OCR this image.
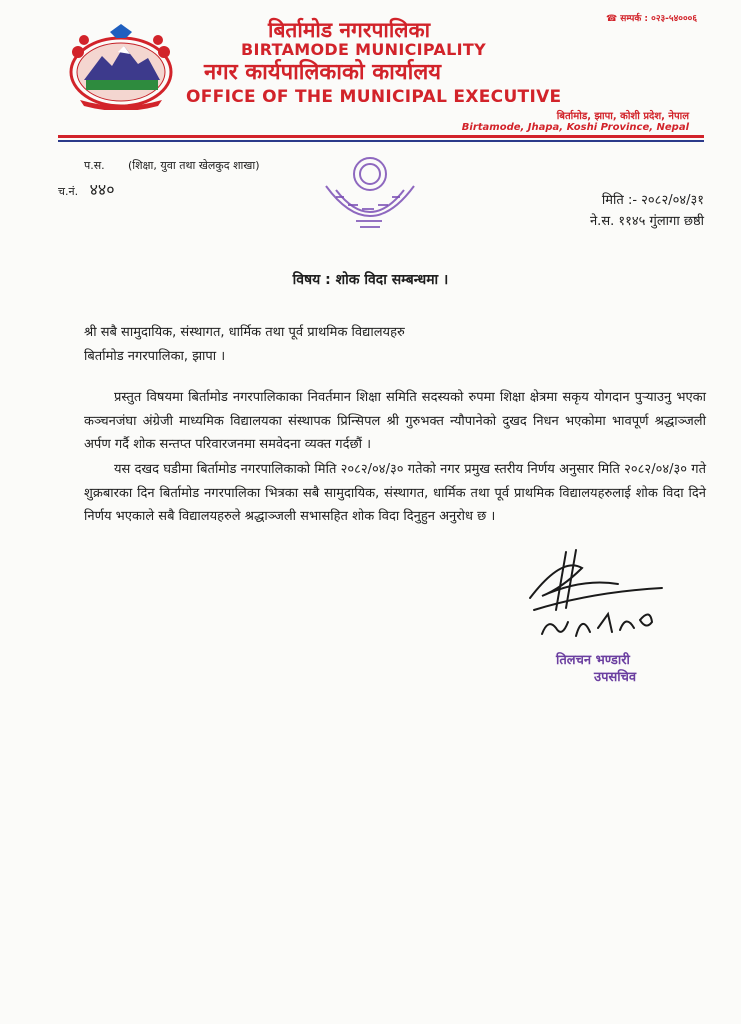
☎ सम्पर्क : ०२३-५४०००६
बिर्तामोड नगरपालिका
BIRTAMODE MUNICIPALITY
नगर कार्यपालिकाको कार्यालय
OFFICE OF THE MUNICIPAL EXECUTIVE
बिर्तामोड, झापा, कोशी प्रदेश, नेपाल
Birtamode, Jhapa, Koshi Province, Nepal
प.स. (शिक्षा, युवा तथा खेलकुद शाखा)
च.नं. ४४०
मिति :- २०८२/०४/३१
ने.स. ११४५ गुंलागा छष्ठी
विषय : शोक विदा सम्बन्धमा ।
श्री सबै सामुदायिक, संस्थागत, धार्मिक तथा पूर्व प्राथमिक विद्यालयहरु
बिर्तामोड नगरपालिका, झापा ।

प्रस्तुत विषयमा बिर्तामोड नगरपालिकाका निवर्तमान शिक्षा समिति सदस्यको रुपमा शिक्षा क्षेत्रमा सकृय योगदान पुऱ्याउनु भएका कञ्चनजंघा अंग्रेजी माध्यमिक विद्यालयका संस्थापक प्रिन्सिपल श्री गुरुभक्त न्यौपानेको दुखद निधन भएकोमा भावपूर्ण श्रद्धाञ्जली अर्पण गर्दै शोक सन्तप्त परिवारजनमा समवेदना व्यक्त गर्दछौं ।

यस दखद घडीमा बिर्तामोड नगरपालिकाको मिति २०८२/०४/३० गतेको नगर प्रमुख स्तरीय निर्णय अनुसार मिति २०८२/०४/३० गते शुक्रबारका दिन बिर्तामोड नगरपालिका भित्रका सबै सामुदायिक, संस्थागत, धार्मिक तथा पूर्व प्राथमिक विद्यालयहरुलाई शोक विदा दिने निर्णय भएकाले सबै विद्यालयहरुले श्रद्धाञ्जली सभासहित शोक विदा दिनुहुन अनुरोध छ ।

तिलचन भण्डारी
उपसचिव
